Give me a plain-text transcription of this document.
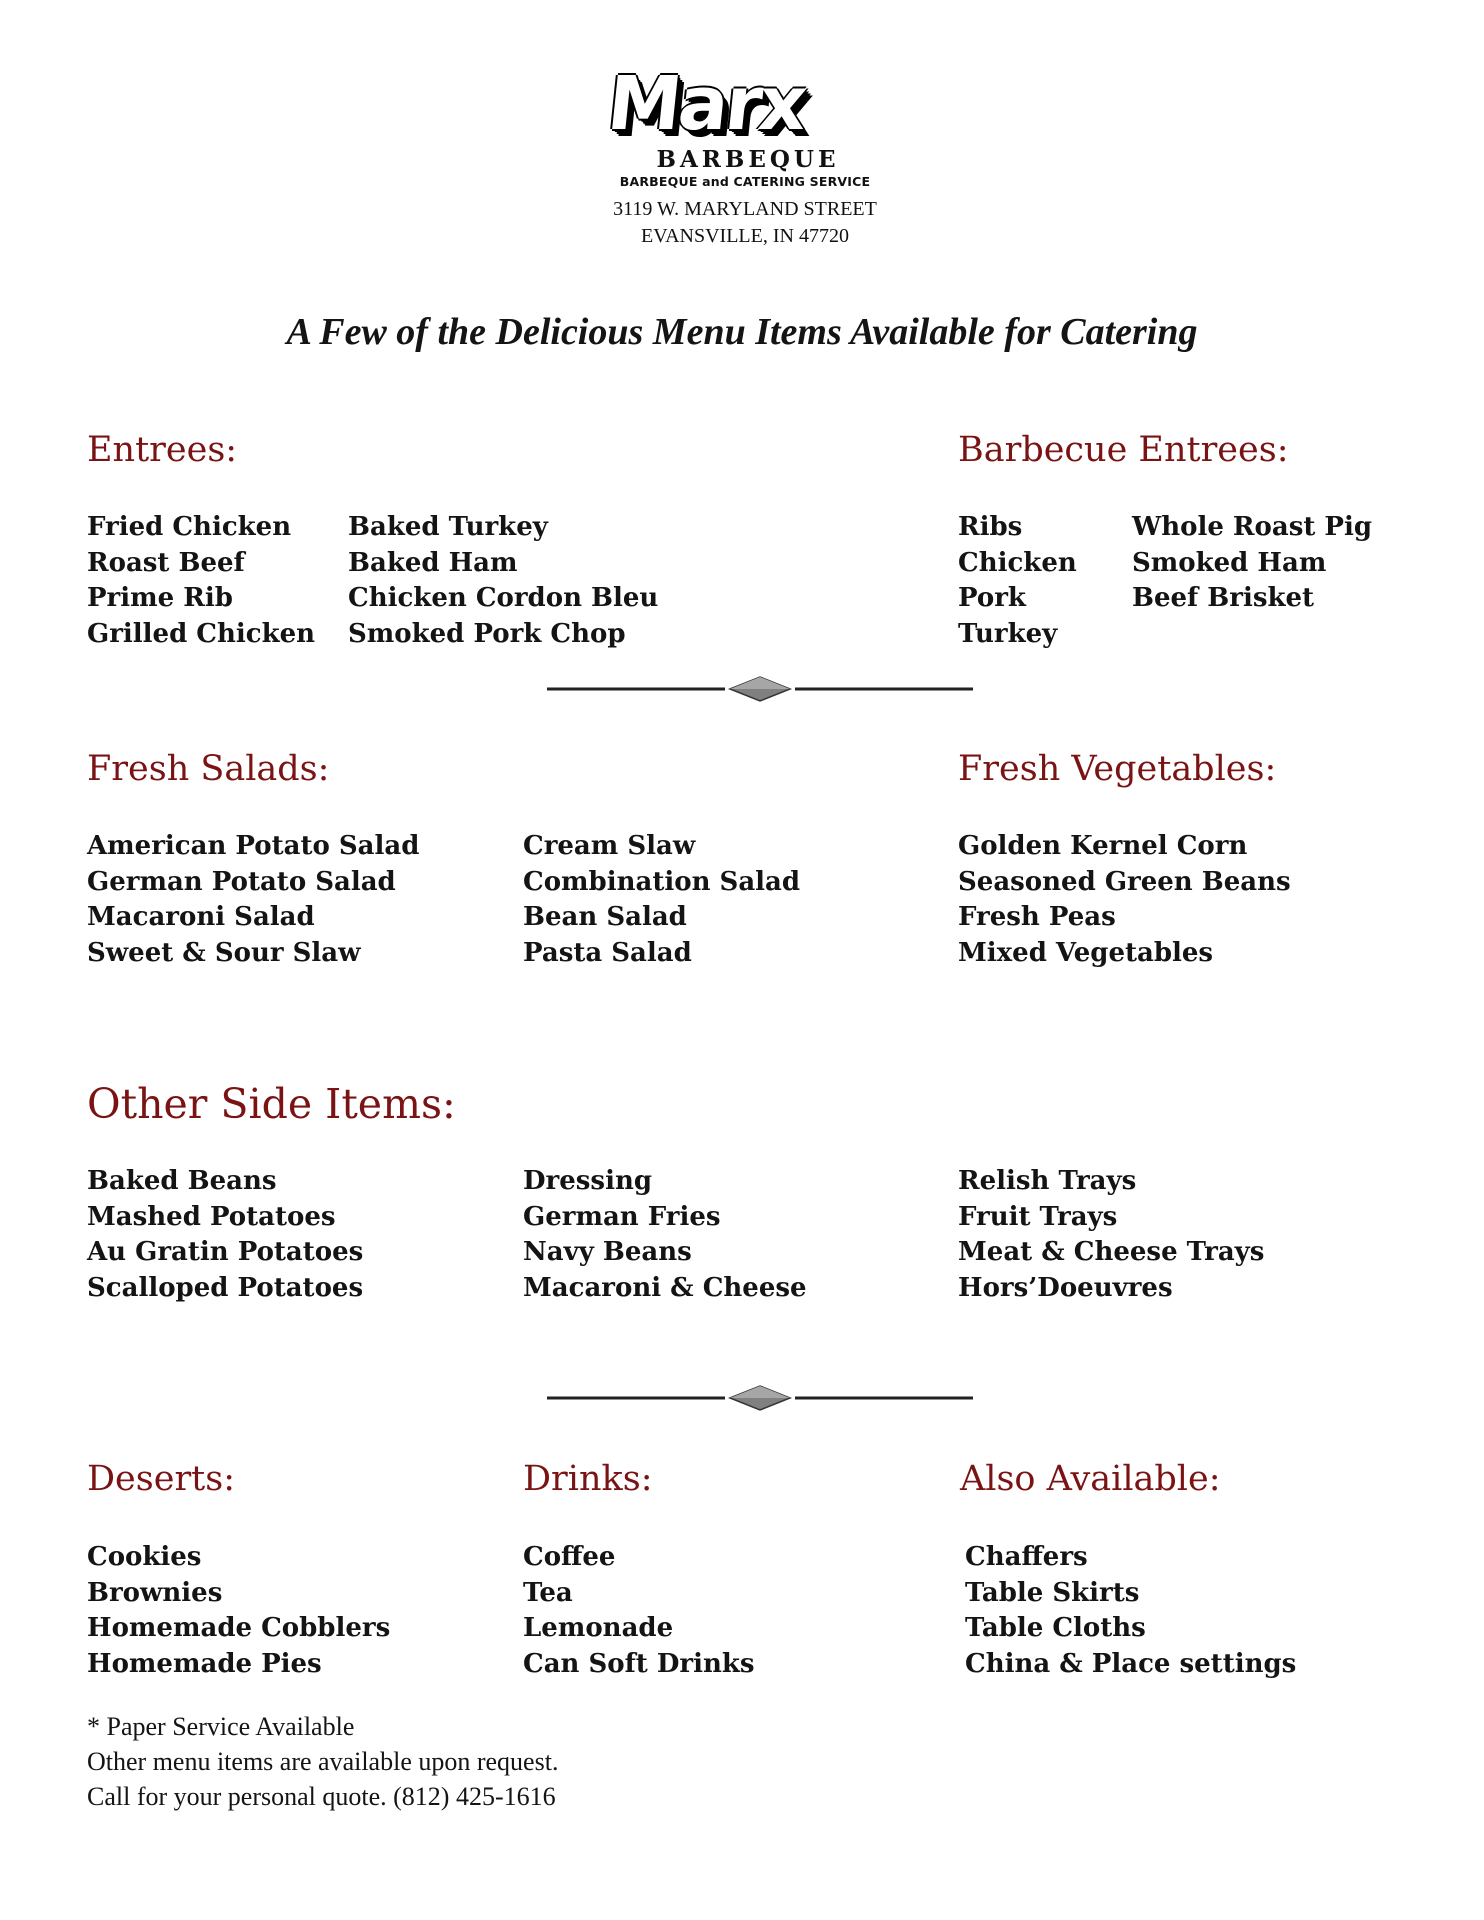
Marx
BARBEQUE
BARBEQUE and CATERING SERVICE
3119 W. MARYLAND STREET
EVANSVILLE, IN 47720
A Few of the Delicious Menu Items Available for Catering
Entrees:
Fried Chicken
Roast Beef
Prime Rib
Grilled Chicken
Baked Turkey
Baked Ham
Chicken Cordon Bleu
Smoked Pork Chop
Barbecue Entrees:
Ribs
Chicken
Pork
Turkey
Whole Roast Pig
Smoked Ham
Beef Brisket
Fresh Salads:
American Potato Salad
German Potato Salad
Macaroni Salad
Sweet & Sour Slaw
Cream Slaw
Combination Salad
Bean Salad
Pasta Salad
Fresh Vegetables:
Golden Kernel Corn
Seasoned Green Beans
Fresh Peas
Mixed Vegetables
Other Side Items:
Baked Beans
Mashed Potatoes
Au Gratin Potatoes
Scalloped Potatoes
Dressing
German Fries
Navy Beans
Macaroni & Cheese
Relish Trays
Fruit Trays
Meat & Cheese Trays
Hors’Doeuvres
Deserts:
Cookies
Brownies
Homemade Cobblers
Homemade Pies
Drinks:
Coffee
Tea
Lemonade
Can Soft Drinks
Also Available:
Chaffers
Table Skirts
Table Cloths
China & Place settings

* Paper Service Available

Other menu items are available upon request.

Call for your personal quote. (812) 425-1616
